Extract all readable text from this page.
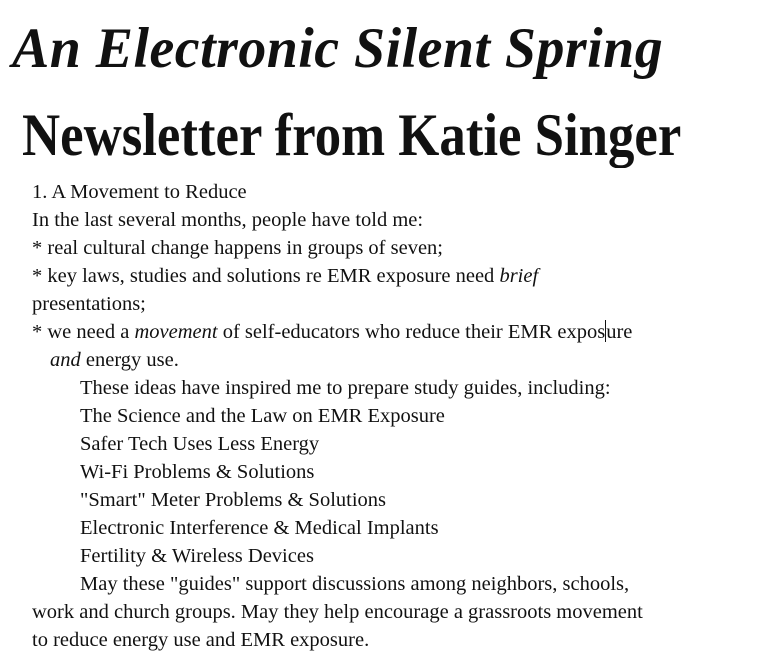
An Electronic Silent Spring
Newsletter from Katie Singer
1. A Movement to Reduce
In the last several months, people have told me:
* real cultural change happens in groups of seven;
* key laws, studies and solutions re EMR exposure need brief
presentations;
* we need a movement of self-educators who reduce their EMR exposure
and energy use.
These ideas have inspired me to prepare study guides, including:
The Science and the Law on EMR Exposure
Safer Tech Uses Less Energy
Wi-Fi Problems & Solutions
"Smart" Meter Problems & Solutions
Electronic Interference & Medical Implants
Fertility & Wireless Devices
May these "guides" support discussions among neighbors, schools,
work and church groups. May they help encourage a grassroots movement
to reduce energy use and EMR exposure.
